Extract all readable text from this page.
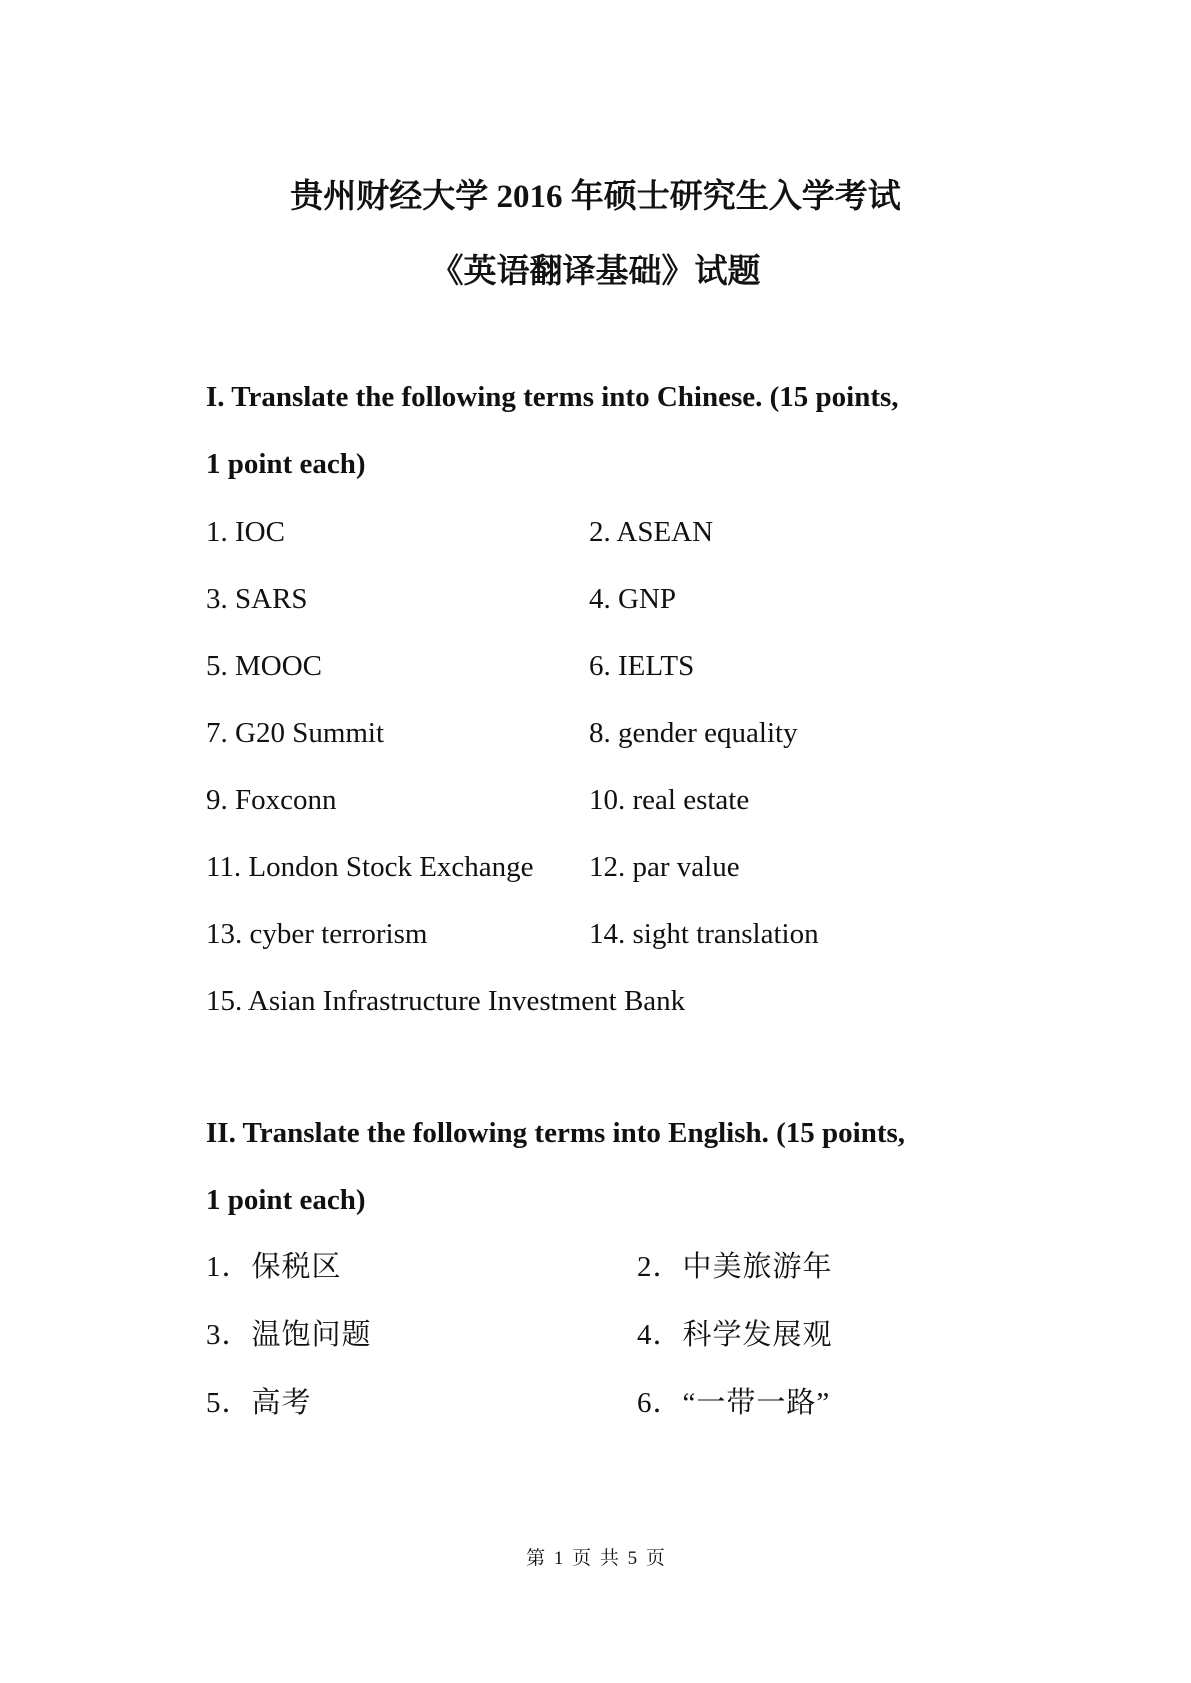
贵州财经大学 2016 年硕士研究生入学考试
《英语翻译基础》试题
I. Translate the following terms into Chinese. (15 points,
1 point each)
1. IOC	2. ASEAN
3. SARS	4. GNP
5. MOOC	6. IELTS
7. G20 Summit	8. gender equality
9. Foxconn	10. real estate
11. London Stock Exchange 12. par value
13. cyber terrorism	14. sight translation
15. Asian Infrastructure Investment Bank
II. Translate the following terms into English. (15 points,
1 point each)
1．保税区	2．中美旅游年
3．温饱问题	4．科学发展观
5．高考	6．“一带一路”
第 1 页 共 5 页
